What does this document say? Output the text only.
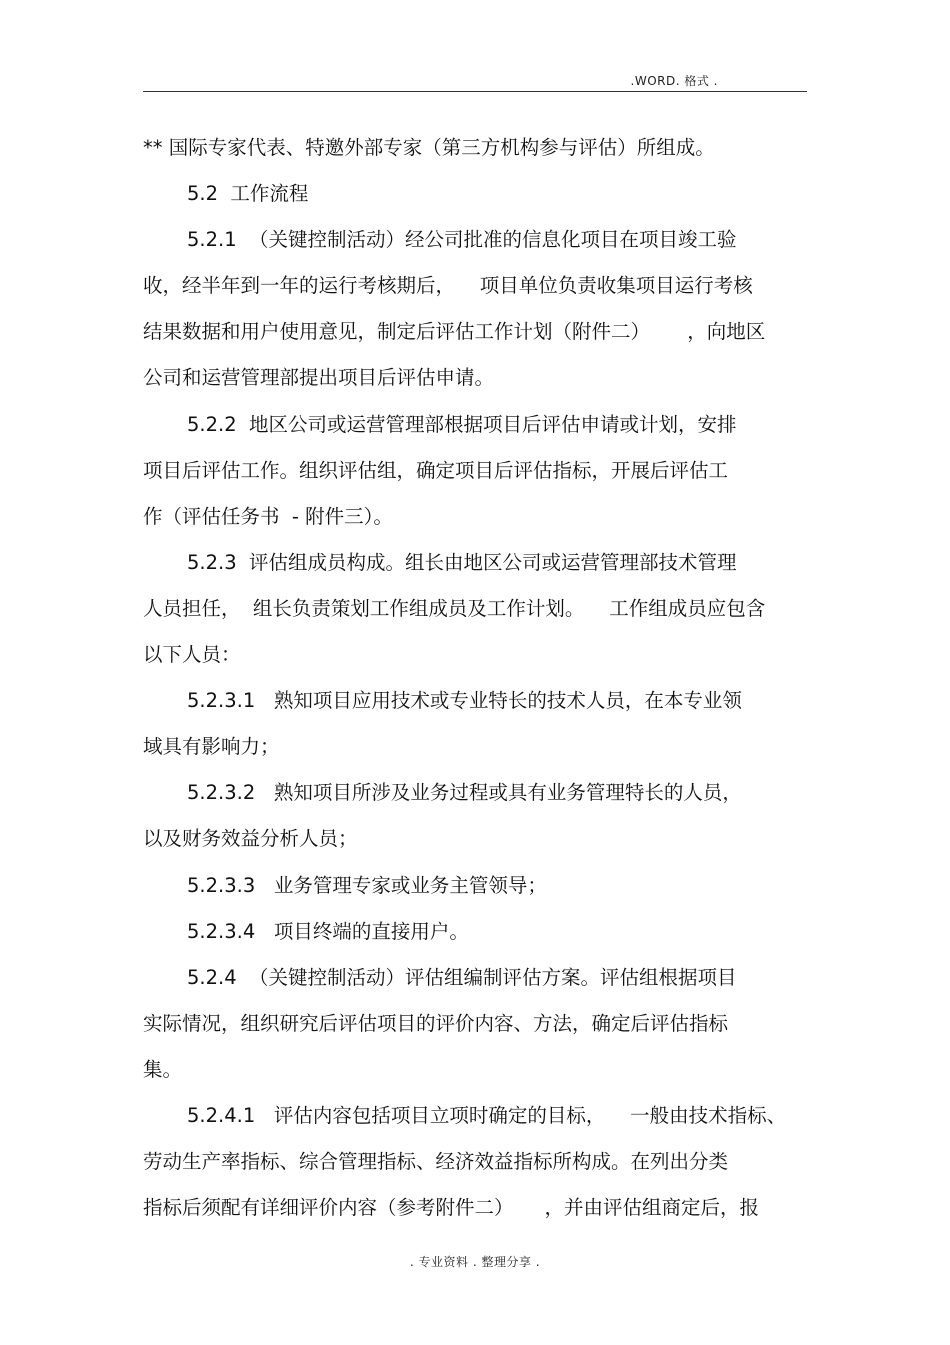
.WORD. 格式 .
** 国际专家代表、特邀外部专家（第三方机构参与评估）所组成。
5.2  工作流程
5.2.1  （关键控制活动）经公司批准的信息化项目在项目竣工验
收，经半年到一年的运行考核期后，    项目单位负责收集项目运行考核
结果数据和用户使用意见，制定后评估工作计划（附件二）      ，向地区
公司和运营管理部提出项目后评估申请。
5.2.2  地区公司或运营管理部根据项目后评估申请或计划，安排
项目后评估工作。组织评估组，确定项目后评估指标，开展后评估工
作（评估任务书  - 附件三）。
5.2.3  评估组成员构成。组长由地区公司或运营管理部技术管理
人员担任，  组长负责策划工作组成员及工作计划。    工作组成员应包含
以下人员：
5.2.3.1   熟知项目应用技术或专业特长的技术人员，在本专业领
域具有影响力；
5.2.3.2   熟知项目所涉及业务过程或具有业务管理特长的人员，
以及财务效益分析人员；
5.2.3.3   业务管理专家或业务主管领导；
5.2.3.4   项目终端的直接用户。
5.2.4  （关键控制活动）评估组编制评估方案。评估组根据项目
实际情况，组织研究后评估项目的评价内容、方法，确定后评估指标
集。
5.2.4.1   评估内容包括项目立项时确定的目标，    一般由技术指标、
劳动生产率指标、综合管理指标、经济效益指标所构成。在列出分类
指标后须配有详细评价内容（参考附件二）     ，并由评估组商定后，报
. 专业资料 . 整理分享 .
